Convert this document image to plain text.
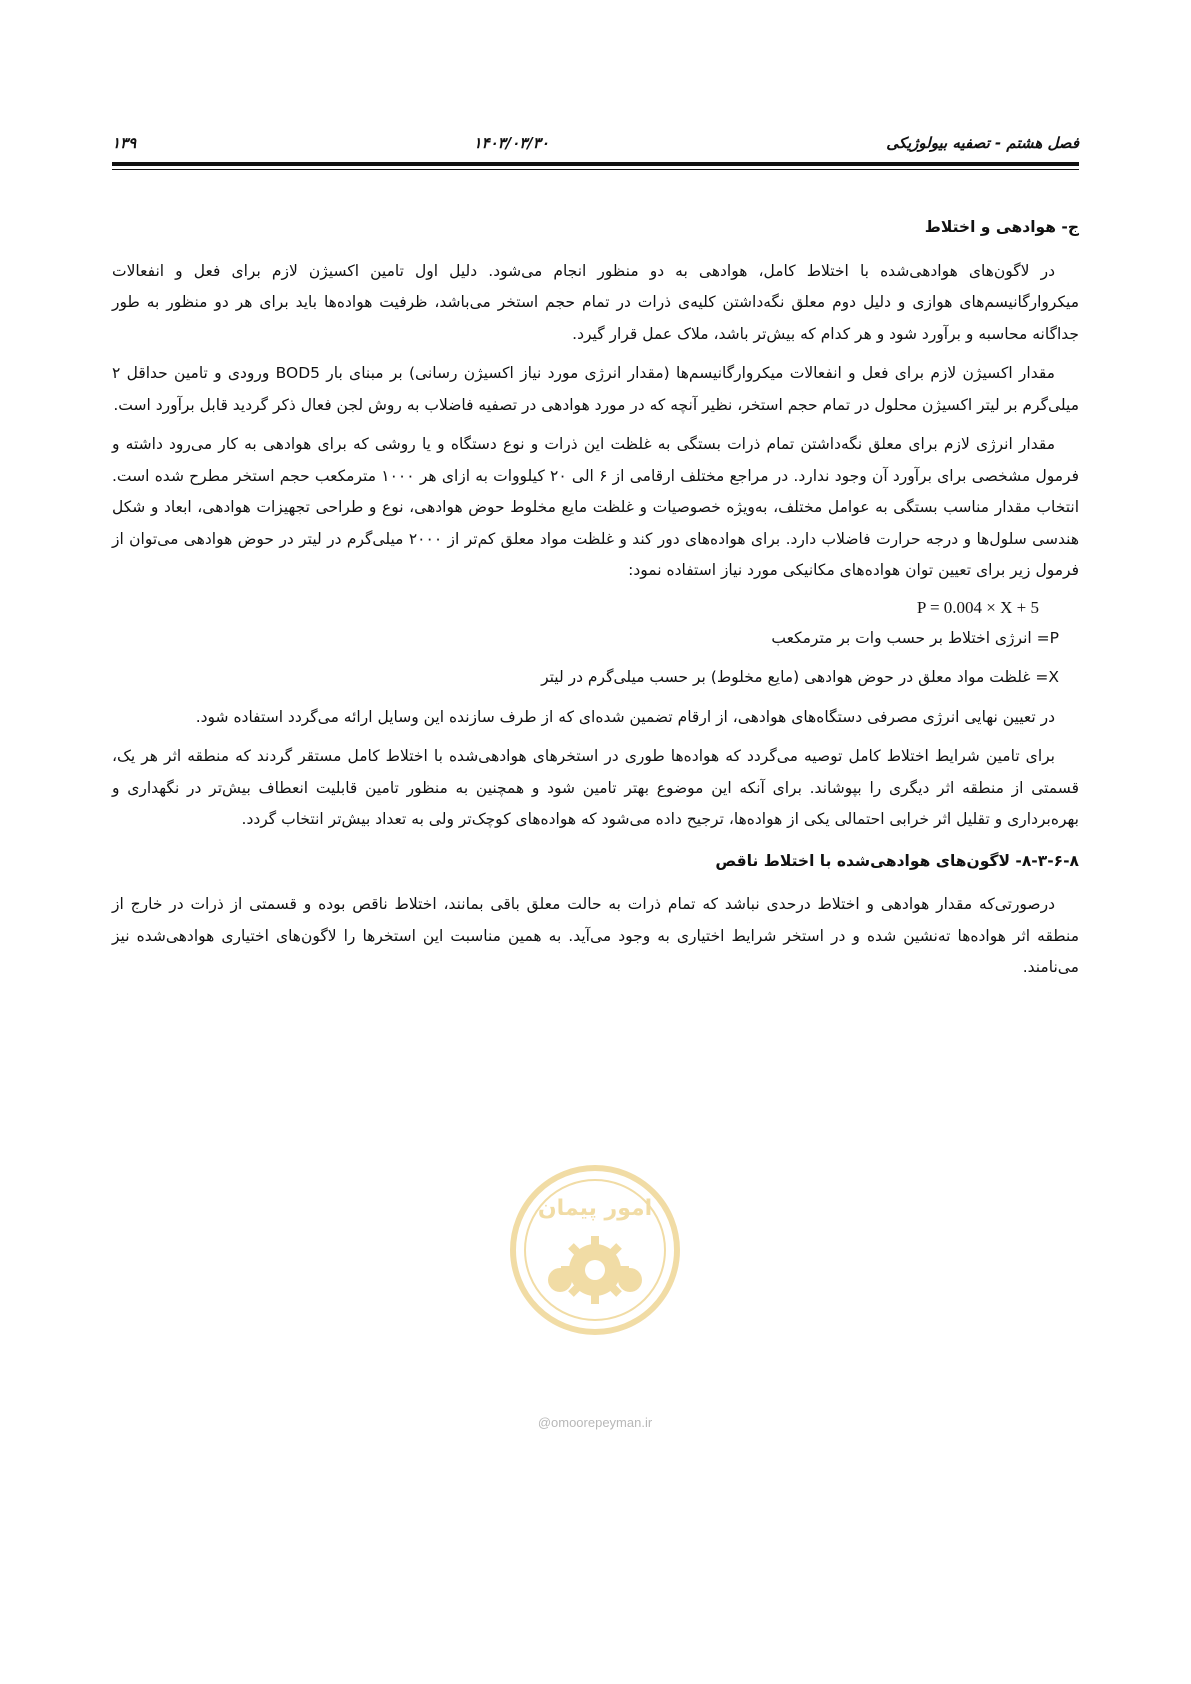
۱۳۹	۱۴۰۳/۰۳/۳۰	فصل هشتم - تصفیه بیولوژیکی
ج- هوادهی و اختلاط

در لاگون‌های هوادهی‌شده با اختلاط کامل، هوادهی به دو منظور انجام می‌شود. دلیل اول تامین اکسیژن لازم برای فعل و انفعالات میکروارگانیسم‌های هوازی و دلیل دوم معلق نگه‌داشتن کلیه‌ی ذرات در تمام حجم استخر می‌باشد، ظرفیت هواده‌ها باید برای هر دو منظور به طور جداگانه محاسبه و برآورد شود و هر کدام که بیش‌تر باشد، ملاک عمل قرار گیرد.

مقدار اکسیژن لازم برای فعل و انفعالات میکروارگانیسم‌ها (مقدار انرژی مورد نیاز اکسیژن رسانی) بر مبنای بار BOD5 ورودی و تامین حداقل ۲ میلی‌گرم بر لیتر اکسیژن محلول در تمام حجم استخر، نظیر آنچه که در مورد هوادهی در تصفیه فاضلاب به روش لجن فعال ذکر گردید قابل برآورد است.

مقدار انرژی لازم برای معلق نگه‌داشتن تمام ذرات بستگی به غلظت این ذرات و نوع دستگاه و یا روشی که برای هوادهی به کار می‌رود داشته و فرمول مشخصی برای برآورد آن وجود ندارد. در مراجع مختلف ارقامی از ۶ الی ۲۰ کیلووات به ازای هر ۱۰۰۰ مترمکعب حجم استخر مطرح شده است. انتخاب مقدار مناسب بستگی به عوامل مختلف، به‌ویژه خصوصیات و غلظت مایع مخلوط حوض هوادهی، نوع و طراحی تجهیزات هوادهی، ابعاد و شکل هندسی سلول‌ها و درجه حرارت فاضلاب دارد. برای هواده‌های دور کند و غلظت مواد معلق کم‌تر از ۲۰۰۰ میلی‌گرم در لیتر در حوض هوادهی می‌توان از فرمول زیر برای تعیین توان هواده‌های مکانیکی مورد نیاز استفاده نمود:

P = 0.004 × X + 5

P= انرژی اختلاط بر حسب وات بر مترمکعب

X= غلظت مواد معلق در حوض هوادهی (مایع مخلوط) بر حسب میلی‌گرم در لیتر

در تعیین نهایی انرژی مصرفی دستگاه‌های هوادهی، از ارقام تضمین شده‌ای که از طرف سازنده این وسایل ارائه می‌گردد استفاده شود.

برای تامین شرایط اختلاط کامل توصیه می‌گردد که هواده‌ها طوری در استخرهای هوادهی‌شده با اختلاط کامل مستقر گردند که منطقه اثر هر یک، قسمتی از منطقه اثر دیگری را بپوشاند. برای آنکه این موضوع بهتر تامین شود و همچنین به منظور تامین قابلیت انعطاف بیش‌تر در نگهداری و بهره‌برداری و تقلیل اثر خرابی احتمالی یکی از هواده‌ها، ترجیح داده می‌شود که هواده‌های کوچک‌تر ولی به تعداد بیش‌تر انتخاب گردد.

۸-۳-۶-۸- لاگون‌های هوادهی‌شده با اختلاط ناقص

درصورتی‌که مقدار هوادهی و اختلاط درحدی نباشد که تمام ذرات به حالت معلق باقی بمانند، اختلاط ناقص بوده و قسمتی از ذرات در خارج از منطقه اثر هواده‌ها ته‌نشین شده و در استخر شرایط اختیاری به وجود می‌آید. به همین مناسبت این استخرها را لاگون‌های اختیاری هوادهی‌شده نیز می‌نامند.

امور پیمان
@omoorepeyman.ir
